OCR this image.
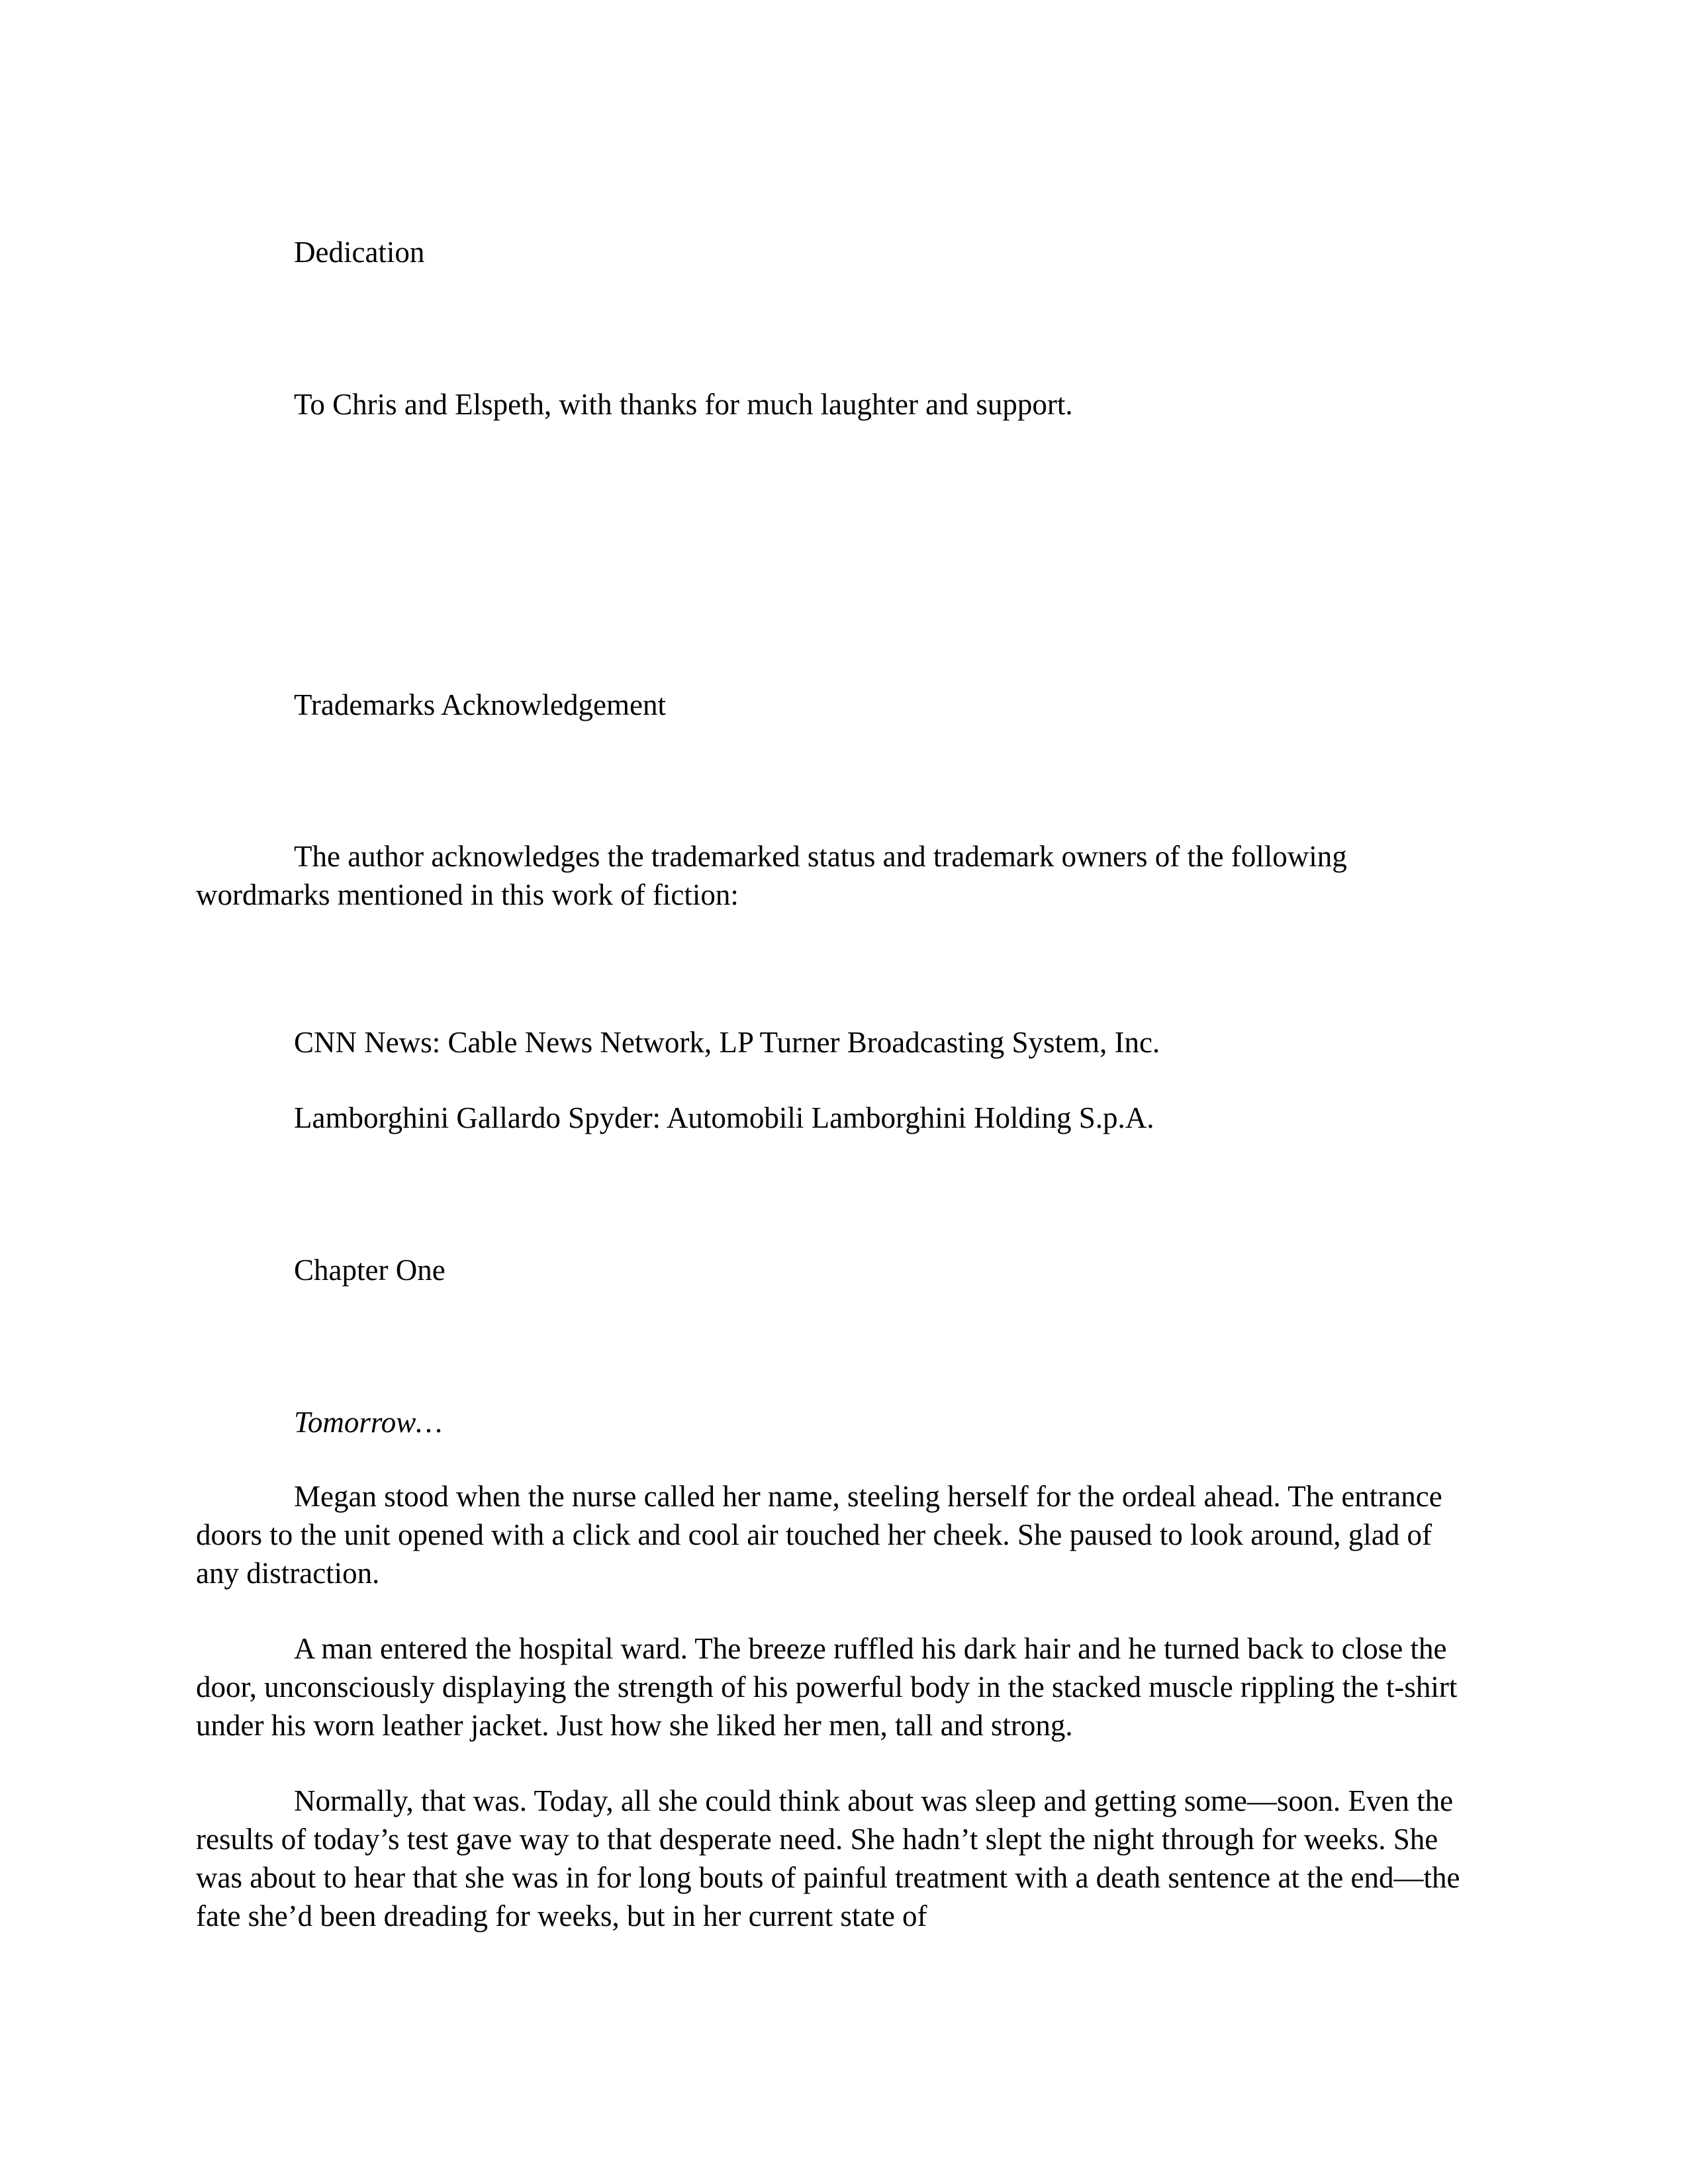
Dedication

To Chris and Elspeth, with thanks for much laughter and support.

Trademarks Acknowledgement

The author acknowledges the trademarked status and trademark owners of the following wordmarks mentioned in this work of fiction:

CNN News: Cable News Network, LP Turner Broadcasting System, Inc.

Lamborghini Gallardo Spyder: Automobili Lamborghini Holding S.p.A.

Chapter One

Tomorrow…

Megan stood when the nurse called her name, steeling herself for the ordeal ahead. The entrance doors to the unit opened with a click and cool air touched her cheek. She paused to look around, glad of any distraction.

A man entered the hospital ward. The breeze ruffled his dark hair and he turned back to close the door, unconsciously displaying the strength of his powerful body in the stacked muscle rippling the t-shirt under his worn leather jacket. Just how she liked her men, tall and strong.

Normally, that was. Today, all she could think about was sleep and getting some—soon. Even the results of today’s test gave way to that desperate need. She hadn’t slept the night through for weeks. She was about to hear that she was in for long bouts of painful treatment with a death sentence at the end—the fate she’d been dreading for weeks, but in her current state of
